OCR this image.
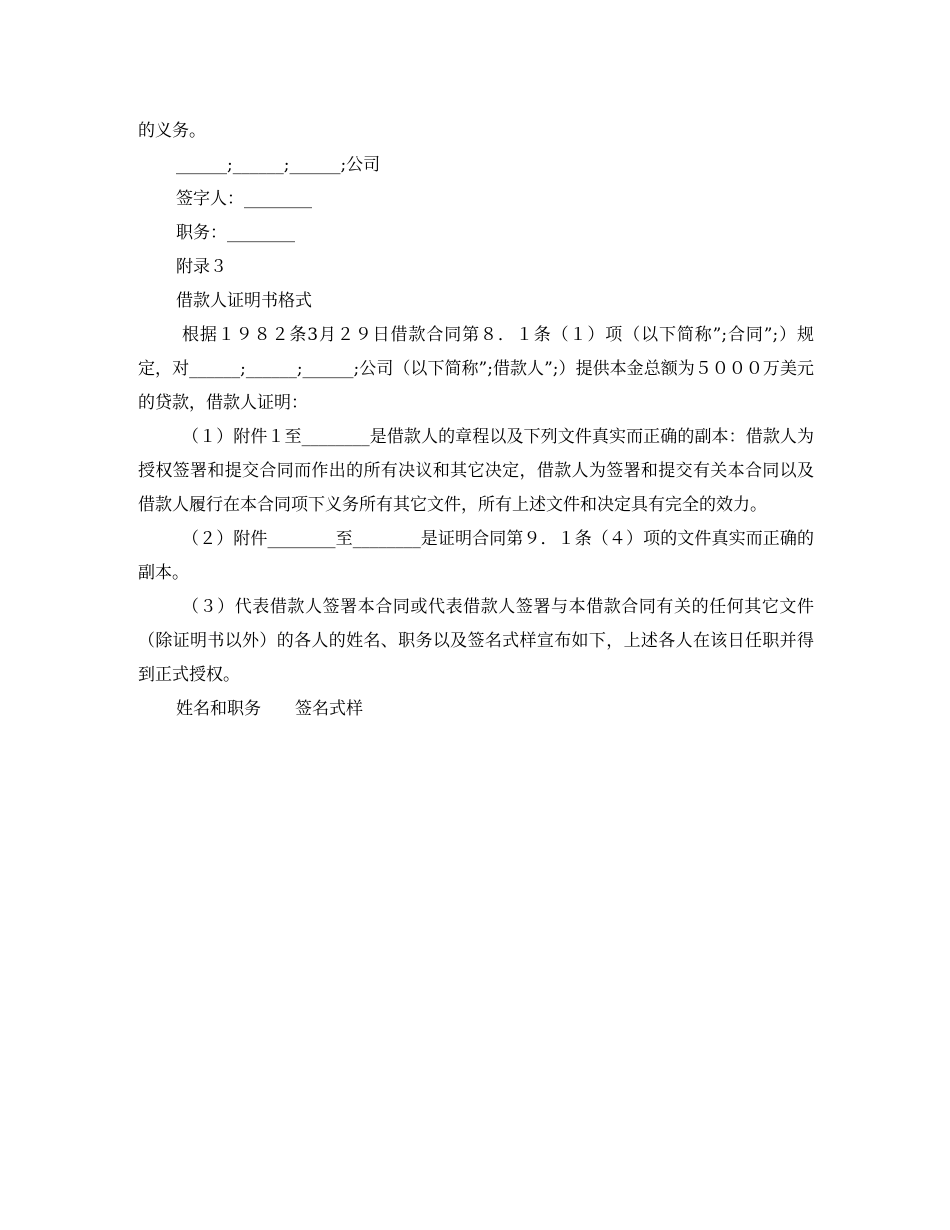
的义务。
______;______;______;公司
签字人：________
职务：________
附录３
借款人证明书格式

根据１９８２条3月２９日借款合同第８．１条（１）项（以下简称”;合同”;）规定，对______;______;______;公司（以下简称”;借款人”;）提供本金总额为５０００万美元的贷款，借款人证明：

（１）附件１至________是借款人的章程以及下列文件真实而正确的副本：借款人为授权签署和提交合同而作出的所有决议和其它决定，借款人为签署和提交有关本合同以及借款人履行在本合同项下义务所有其它文件，所有上述文件和决定具有完全的效力。

（２）附件________至________是证明合同第９．１条（４）项的文件真实而正确的副本。

（３）代表借款人签署本合同或代表借款人签署与本借款合同有关的任何其它文件（除证明书以外）的各人的姓名、职务以及签名式样宣布如下，上述各人在该日任职并得到正式授权。

姓名和职务　　签名式样
